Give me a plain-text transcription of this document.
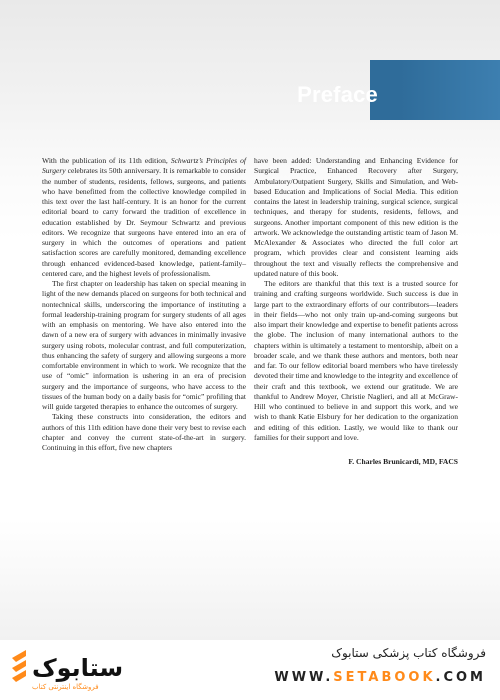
Preface

With the publication of its 11th edition, Schwartz’s Principles of Surgery celebrates its 50th anniversary. It is remarkable to consider the number of students, residents, fellows, surgeons, and patients who have benefitted from the collective knowledge compiled in this text over the last half-century. It is an honor for the current editorial board to carry forward the tradition of excellence in education established by Dr. Seymour Schwartz and previous editors. We recognize that surgeons have entered into an era of surgery in which the outcomes of operations and patient satisfaction scores are carefully monitored, demanding excellence through enhanced evidenced-based knowledge, patient-family–centered care, and the highest levels of professionalism.

The first chapter on leadership has taken on special meaning in light of the new demands placed on surgeons for both technical and nontechnical skills, underscoring the importance of instituting a formal leadership-training program for surgery students of all ages with an emphasis on mentoring. We have also entered into the dawn of a new era of surgery with advances in minimally invasive surgery using robots, molecular contrast, and full computerization, thus enhancing the safety of surgery and allowing surgeons a more comfortable environment in which to work. We recognize that the use of “omic” information is ushering in an era of precision surgery and the importance of surgeons, who have access to the tissues of the human body on a daily basis for “omic” profiling that will guide targeted therapies to enhance the outcomes of surgery.

Taking these constructs into consideration, the editors and authors of this 11th edition have done their very best to revise each chapter and convey the current state-of-the-art in surgery. Continuing in this effort, five new chapters

have been added: Understanding and Enhancing Evidence for Surgical Practice, Enhanced Recovery after Surgery, Ambulatory/Outpatient Surgery, Skills and Simulation, and Web-based Education and Implications of Social Media. This edition contains the latest in leadership training, surgical science, surgical techniques, and therapy for students, residents, fellows, and surgeons. Another important component of this new edition is the artwork. We acknowledge the outstanding artistic team of Jason M. McAlexander & Associates who directed the full color art program, which provides clear and consistent learning aids throughout the text and visually reflects the comprehensive and updated nature of this book.

The editors are thankful that this text is a trusted source for training and crafting surgeons worldwide. Such success is due in large part to the extraordinary efforts of our contributors—leaders in their fields—who not only train up-and-coming surgeons but also impart their knowledge and expertise to benefit patients across the globe. The inclusion of many international authors to the chapters within is ultimately a testament to mentorship, albeit on a broader scale, and we thank these authors and mentors, both near and far. To our fellow editorial board members who have tirelessly devoted their time and knowledge to the integrity and excellence of their craft and this textbook, we extend our gratitude. We are thankful to Andrew Moyer, Christie Naglieri, and all at McGraw-Hill who continued to believe in and support this work, and we wish to thank Katie Elsbury for her dedication to the organization and editing of this edition. Lastly, we would like to thank our families for their support and love.

F. Charles Brunicardi, MD, FACS
ستابوک
فروشگاه اینترنتی کتاب
فروشگاه کتاب پزشکی ستابوک
WWW.SETABOOK.COM
